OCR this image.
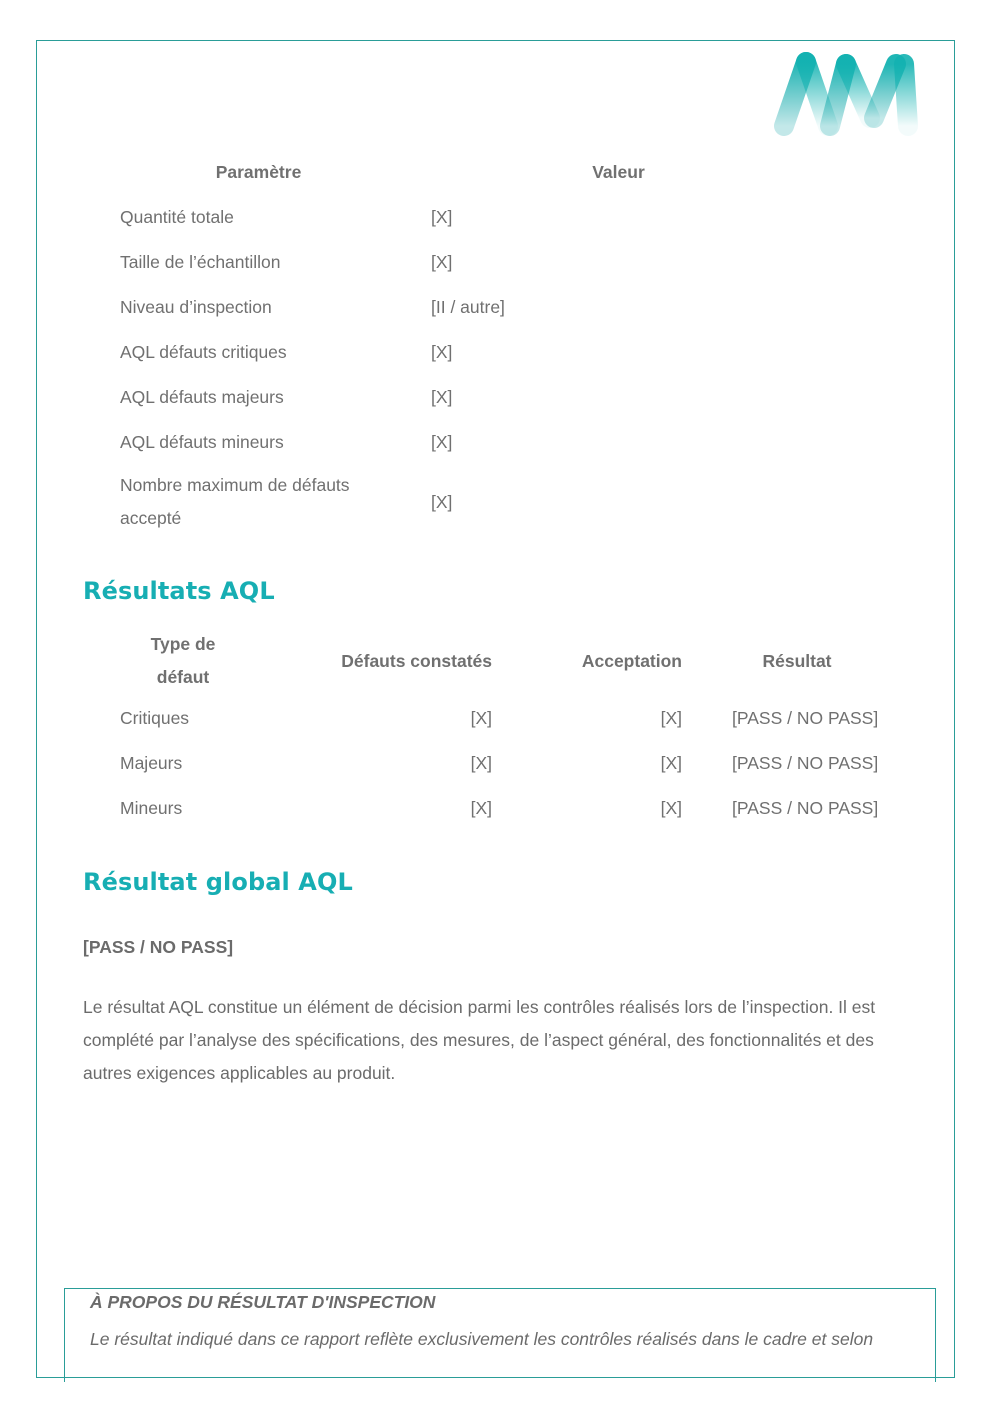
Paramètre	Valeur
Quantité totale	[X]
Taille de l’échantillon	[X]
Niveau d’inspection	[II / autre]
AQL défauts critiques	[X]
AQL défauts majeurs	[X]
AQL défauts mineurs	[X]
Nombre maximum de défauts accepté	[X]
Résultats AQL
Type de défaut	Défauts constatés	Acceptation	Résultat
Critiques	[X]	[X]	[PASS / NO PASS]
Majeurs	[X]	[X]	[PASS / NO PASS]
Mineurs	[X]	[X]	[PASS / NO PASS]
Résultat global AQL

[PASS / NO PASS]

Le résultat AQL constitue un élément de décision parmi les contrôles réalisés lors de l’inspection. Il est complété par l’analyse des spécifications, des mesures, de l’aspect général, des fonctionnalités et des autres exigences applicables au produit.

À PROPOS DU RÉSULTAT D'INSPECTION

Le résultat indiqué dans ce rapport reflète exclusivement les contrôles réalisés dans le cadre et selon
